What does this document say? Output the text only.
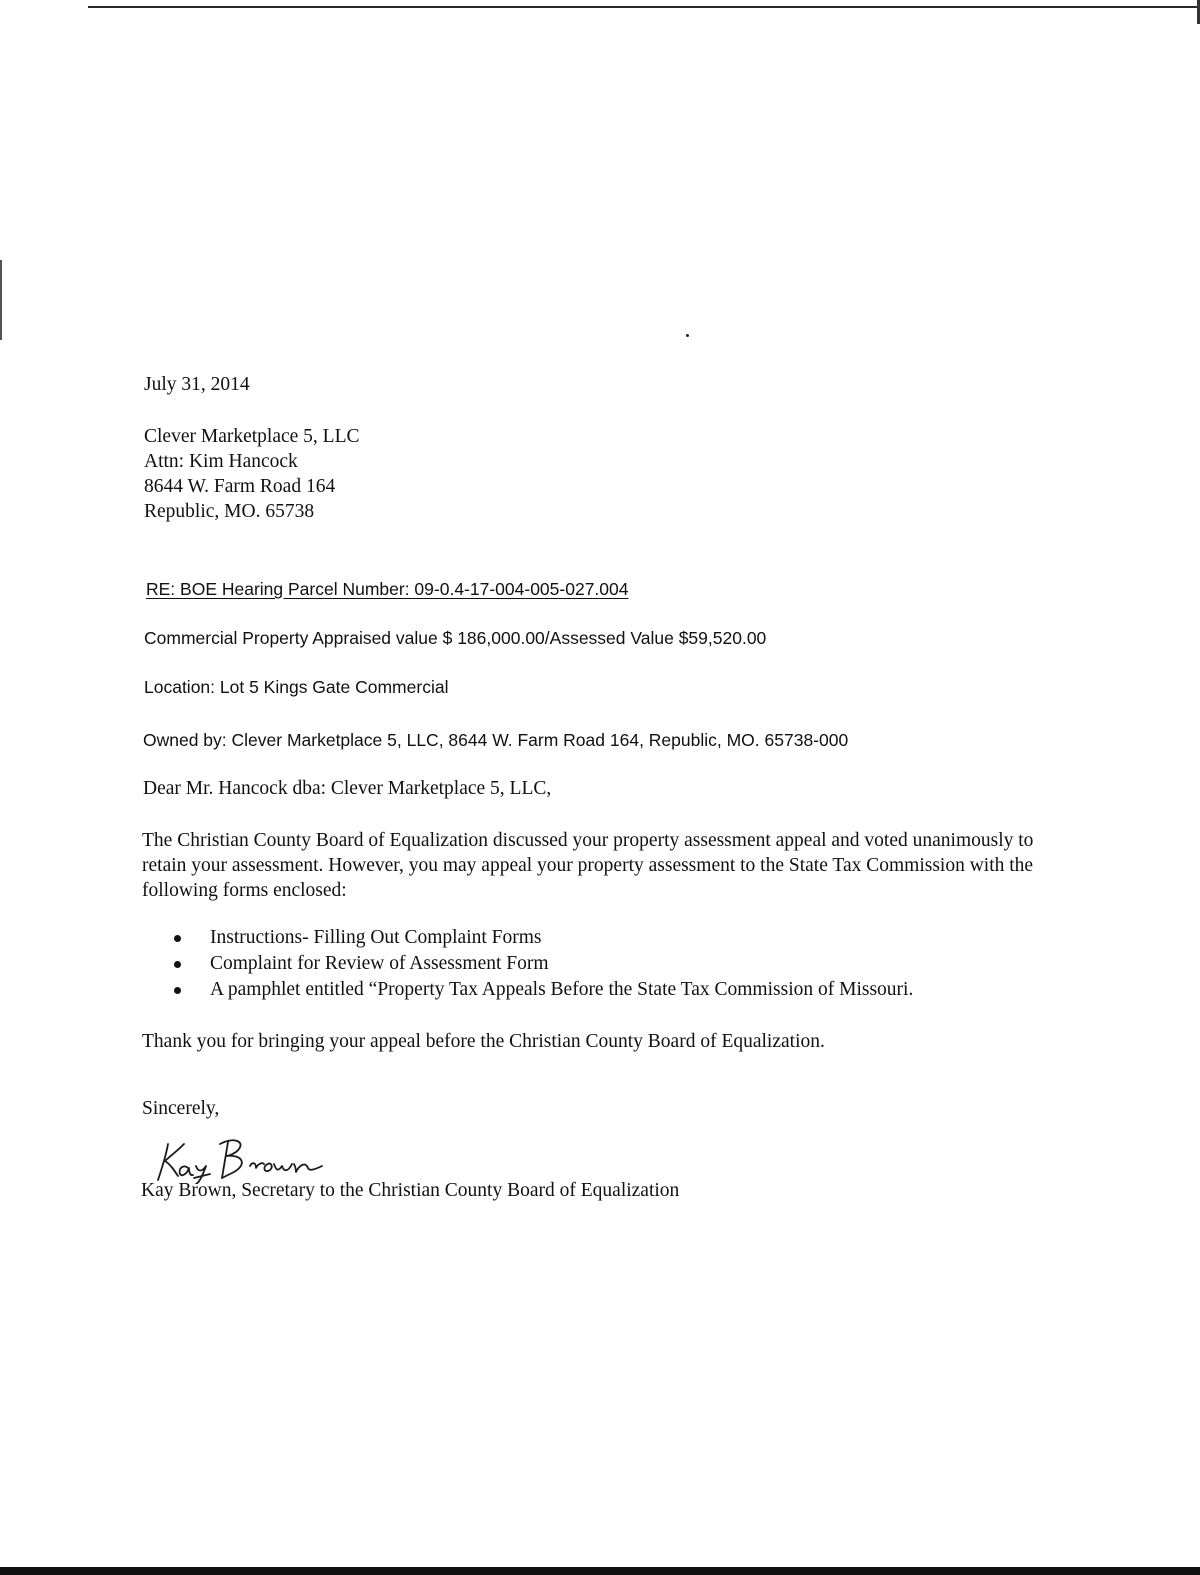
July 31, 2014
Clever Marketplace 5, LLC
Attn: Kim Hancock
8644 W. Farm Road 164
Republic, MO. 65738
RE: BOE Hearing Parcel Number: 09-0.4-17-004-005-027.004
Commercial Property Appraised value $ 186,000.00/Assessed Value $59,520.00
Location: Lot 5 Kings Gate Commercial
Owned by: Clever Marketplace 5, LLC, 8644 W. Farm Road 164, Republic, MO. 65738-000
Dear Mr. Hancock dba: Clever Marketplace 5, LLC,
The Christian County Board of Equalization discussed your property assessment appeal and voted unanimously to retain your assessment. However, you may appeal your property assessment to the State Tax Commission with the following forms enclosed:
Instructions- Filling Out Complaint Forms
Complaint for Review of Assessment Form
A pamphlet entitled “Property Tax Appeals Before the State Tax Commission of Missouri.
Thank you for bringing your appeal before the Christian County Board of Equalization.
Sincerely,
Kay Brown, Secretary to the Christian County Board of Equalization
